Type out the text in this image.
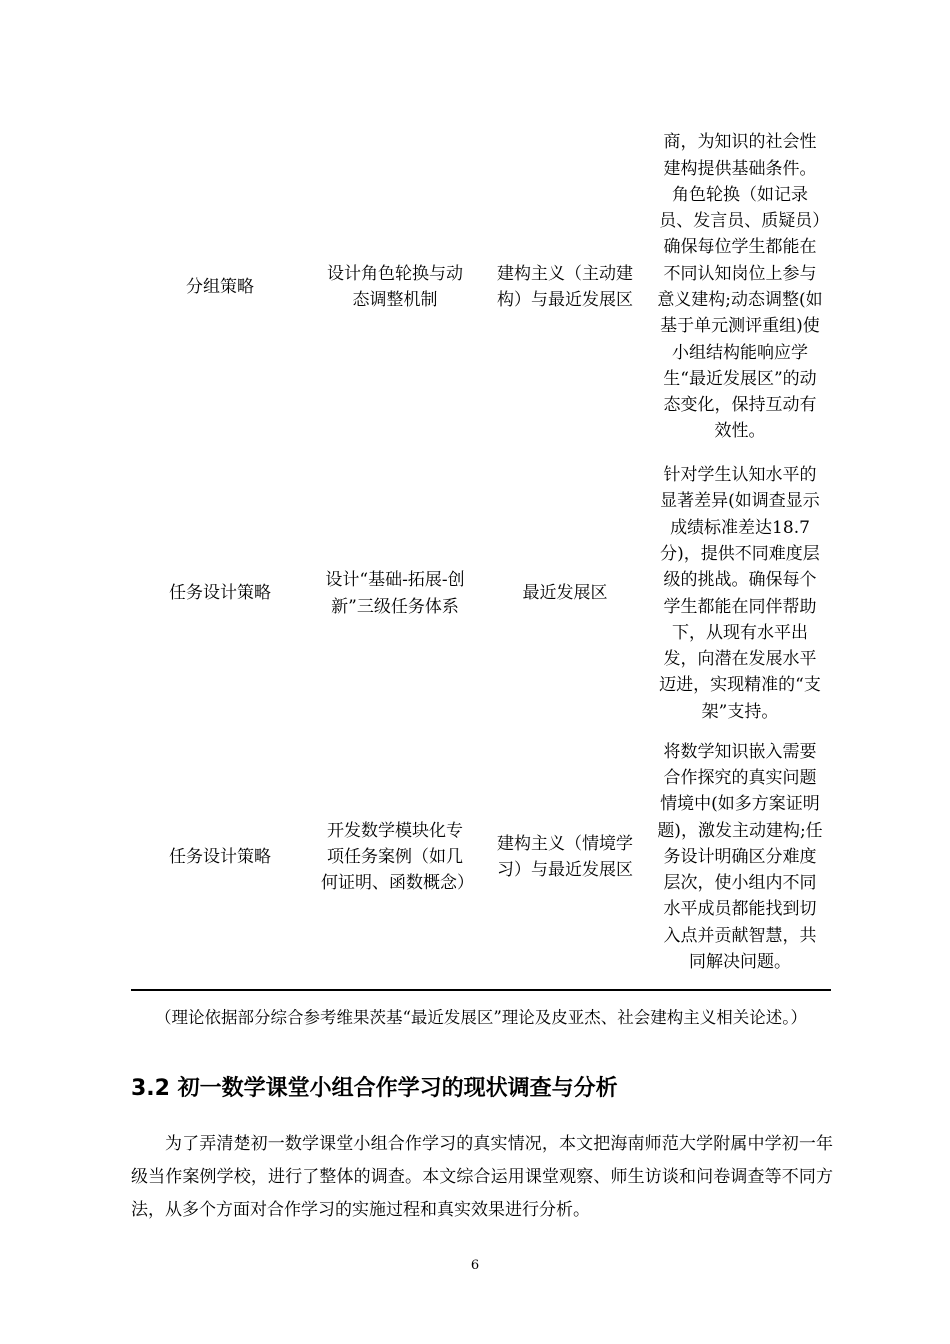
分组策略	设计角色轮换与动态调整机制	建构主义（主动建构）与最近发展区	商，为知识的社会性建构提供基础条件。角色轮换（如记录员、发言员、质疑员）确保每位学生都能在不同认知岗位上参与意义建构;动态调整(如基于单元测评重组)使小组结构能响应学生“最近发展区”的动态变化，保持互动有效性。
任务设计策略	设计“基础-拓展-创新”三级任务体系	最近发展区	针对学生认知水平的显著差异(如调查显示成绩标准差达18.7分)，提供不同难度层级的挑战。确保每个学生都能在同伴帮助下，从现有水平出发，向潜在发展水平迈进，实现精准的“支架”支持。
任务设计策略	开发数学模块化专项任务案例（如几何证明、函数概念）	建构主义（情境学习）与最近发展区	将数学知识嵌入需要合作探究的真实问题情境中(如多方案证明题)，激发主动建构;任务设计明确区分难度层次，使小组内不同水平成员都能找到切入点并贡献智慧，共同解决问题。
（理论依据部分综合参考维果茨基“最近发展区”理论及皮亚杰、社会建构主义相关论述。）
3.2 初一数学课堂小组合作学习的现状调查与分析
为了弄清楚初一数学课堂小组合作学习的真实情况，本文把海南师范大学附属中学初一年级当作案例学校，进行了整体的调查。本文综合运用课堂观察、师生访谈和问卷调查等不同方法，从多个方面对合作学习的实施过程和真实效果进行分析。
6
